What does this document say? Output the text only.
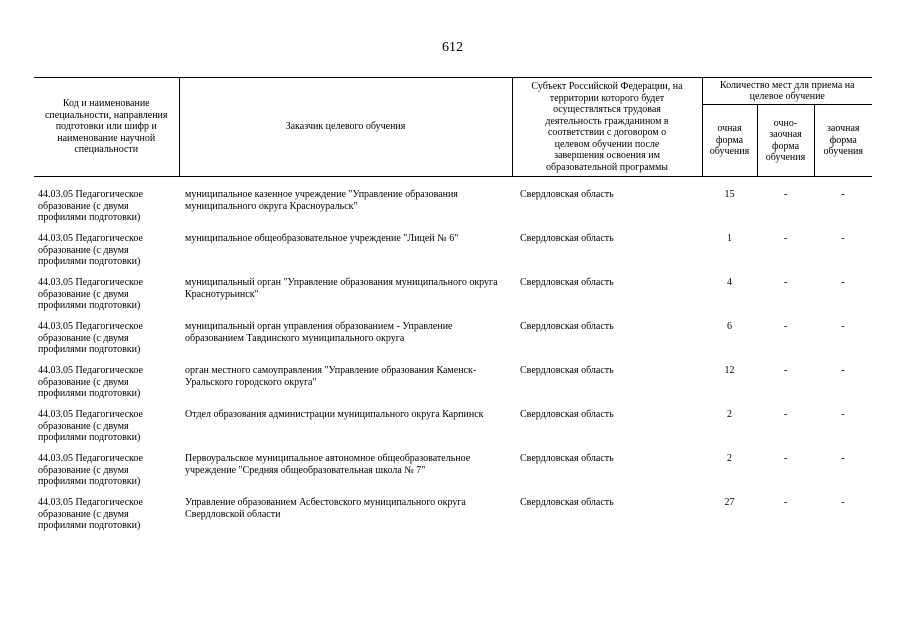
612
Код и наименование специальности, направления подготовки или шифр и наименование научной специальности	Заказчик целевого обучения	Субъект Российской Федерации, на территории которого будет осуществляться трудовая деятельность гражданином в соответствии с договором о целевом обучении после завершения освоения им образовательной программы	Количество мест для приема на целевое обучение		
			очная форма обучения	очно-заочная форма обучения	заочная форма обучения
44.03.05 Педагогическое образование (с двумя профилями подготовки)	муниципальное казенное учреждение "Управление образования муниципального округа Красноуральск"	Свердловская область	15	-	-
44.03.05 Педагогическое образование (с двумя профилями подготовки)	муниципальное общеобразовательное учреждение "Лицей № 6"	Свердловская область	1	-	-
44.03.05 Педагогическое образование (с двумя профилями подготовки)	муниципальный орган "Управление образования муниципального округа Краснотурьинск"	Свердловская область	4	-	-
44.03.05 Педагогическое образование (с двумя профилями подготовки)	муниципальный орган управления образованием - Управление образованием Тавдинского муниципального округа	Свердловская область	6	-	-
44.03.05 Педагогическое образование (с двумя профилями подготовки)	орган местного самоуправления "Управление образования Каменск-Уральского городского округа"	Свердловская область	12	-	-
44.03.05 Педагогическое образование (с двумя профилями подготовки)	Отдел образования администрации муниципального округа Карпинск	Свердловская область	2	-	-
44.03.05 Педагогическое образование (с двумя профилями подготовки)	Первоуральское муниципальное автономное общеобразовательное учреждение "Средняя общеобразовательная школа № 7"	Свердловская область	2	-	-
44.03.05 Педагогическое образование (с двумя профилями подготовки)	Управление образованием Асбестовского муниципального округа Свердловской области	Свердловская область	27	-	-
